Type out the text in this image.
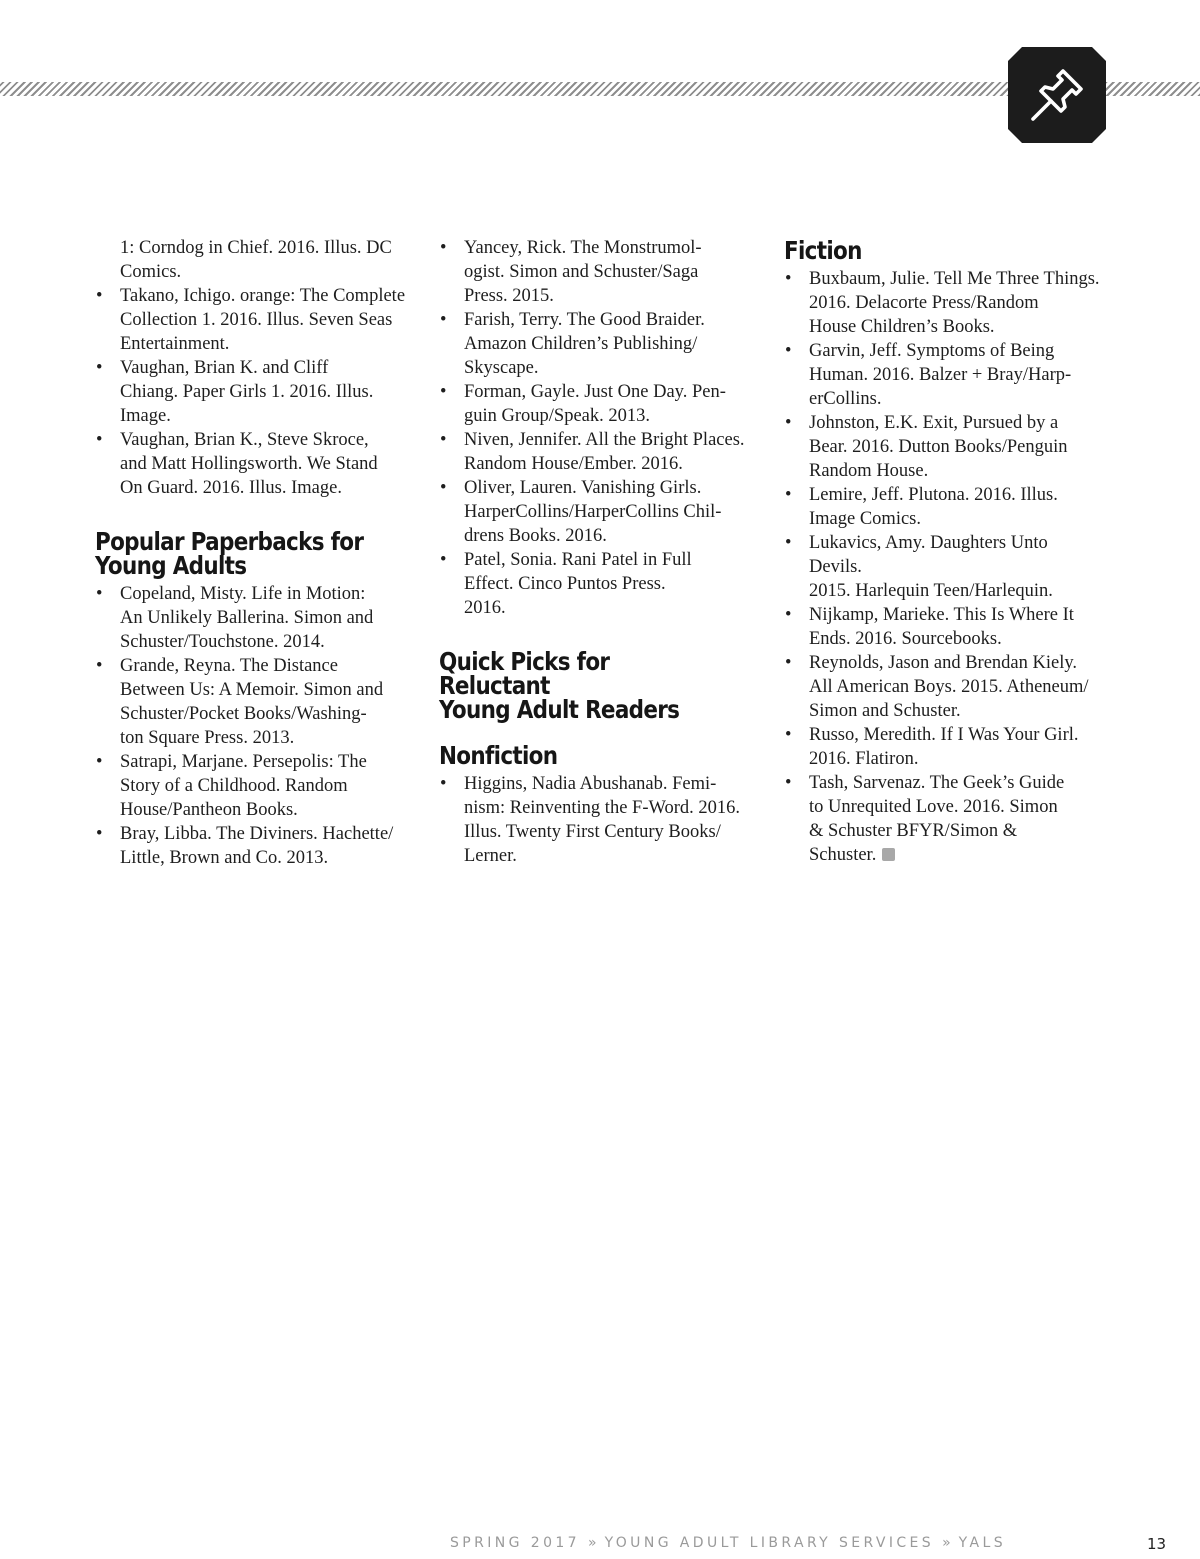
1: Corndog in Chief. 2016. Illus. DC
Comics.
• Takano, Ichigo. orange: The Complete
Collection 1. 2016. Illus. Seven Seas
Entertainment.
• Vaughan, Brian K. and Cliff
Chiang. Paper Girls 1. 2016. Illus. Image.
• Vaughan, Brian K., Steve Skroce,
and Matt Hollingsworth. We Stand
On Guard. 2016. Illus. Image.
Popular Paperbacks for
Young Adults
• Copeland, Misty. Life in Motion:
An Unlikely Ballerina. Simon and
Schuster/Touchstone. 2014.
• Grande, Reyna. The Distance
Between Us: A Memoir. Simon and
Schuster/Pocket Books/Washing-
ton Square Press. 2013.
• Satrapi, Marjane. Persepolis: The
Story of a Childhood. Random
House/Pantheon Books.
• Bray, Libba. The Diviners. Hachette/
Little, Brown and Co. 2013.
• Yancey, Rick. The Monstrumol-
ogist. Simon and Schuster/Saga
Press. 2015.
• Farish, Terry. The Good Braider.
Amazon Children’s Publishing/
Skyscape.
• Forman, Gayle. Just One Day. Pen-
guin Group/Speak. 2013.
• Niven, Jennifer. All the Bright Places.
Random House/Ember. 2016.
• Oliver, Lauren. Vanishing Girls.
HarperCollins/HarperCollins Chil-
drens Books. 2016.
• Patel, Sonia. Rani Patel in Full
Effect. Cinco Puntos Press.
2016.
Quick Picks for Reluctant
Young Adult Readers
Nonfiction
• Higgins, Nadia Abushanab. Femi-
nism: Reinventing the F-Word. 2016.
Illus. Twenty First Century Books/
Lerner.
Fiction
• Buxbaum, Julie. Tell Me Three Things.
2016. Delacorte Press/Random
House Children’s Books.
• Garvin, Jeff. Symptoms of Being
Human. 2016. Balzer + Bray/Harp-
erCollins.
• Johnston, E.K. Exit, Pursued by a
Bear. 2016. Dutton Books/Penguin
Random House.
• Lemire, Jeff. Plutona. 2016. Illus.
Image Comics.
• Lukavics, Amy. Daughters Unto Devils.
2015. Harlequin Teen/Harlequin.
• Nijkamp, Marieke. This Is Where It
Ends. 2016. Sourcebooks.
• Reynolds, Jason and Brendan Kiely.
All American Boys. 2015. Atheneum/
Simon and Schuster.
• Russo, Meredith. If I Was Your Girl.
2016. Flatiron.
• Tash, Sarvenaz. The Geek’s Guide
to Unrequited Love. 2016. Simon
& Schuster BFYR/Simon &
Schuster.
SPRING 2017 » YOUNG ADULT LIBRARY SERVICES » YALS	13
